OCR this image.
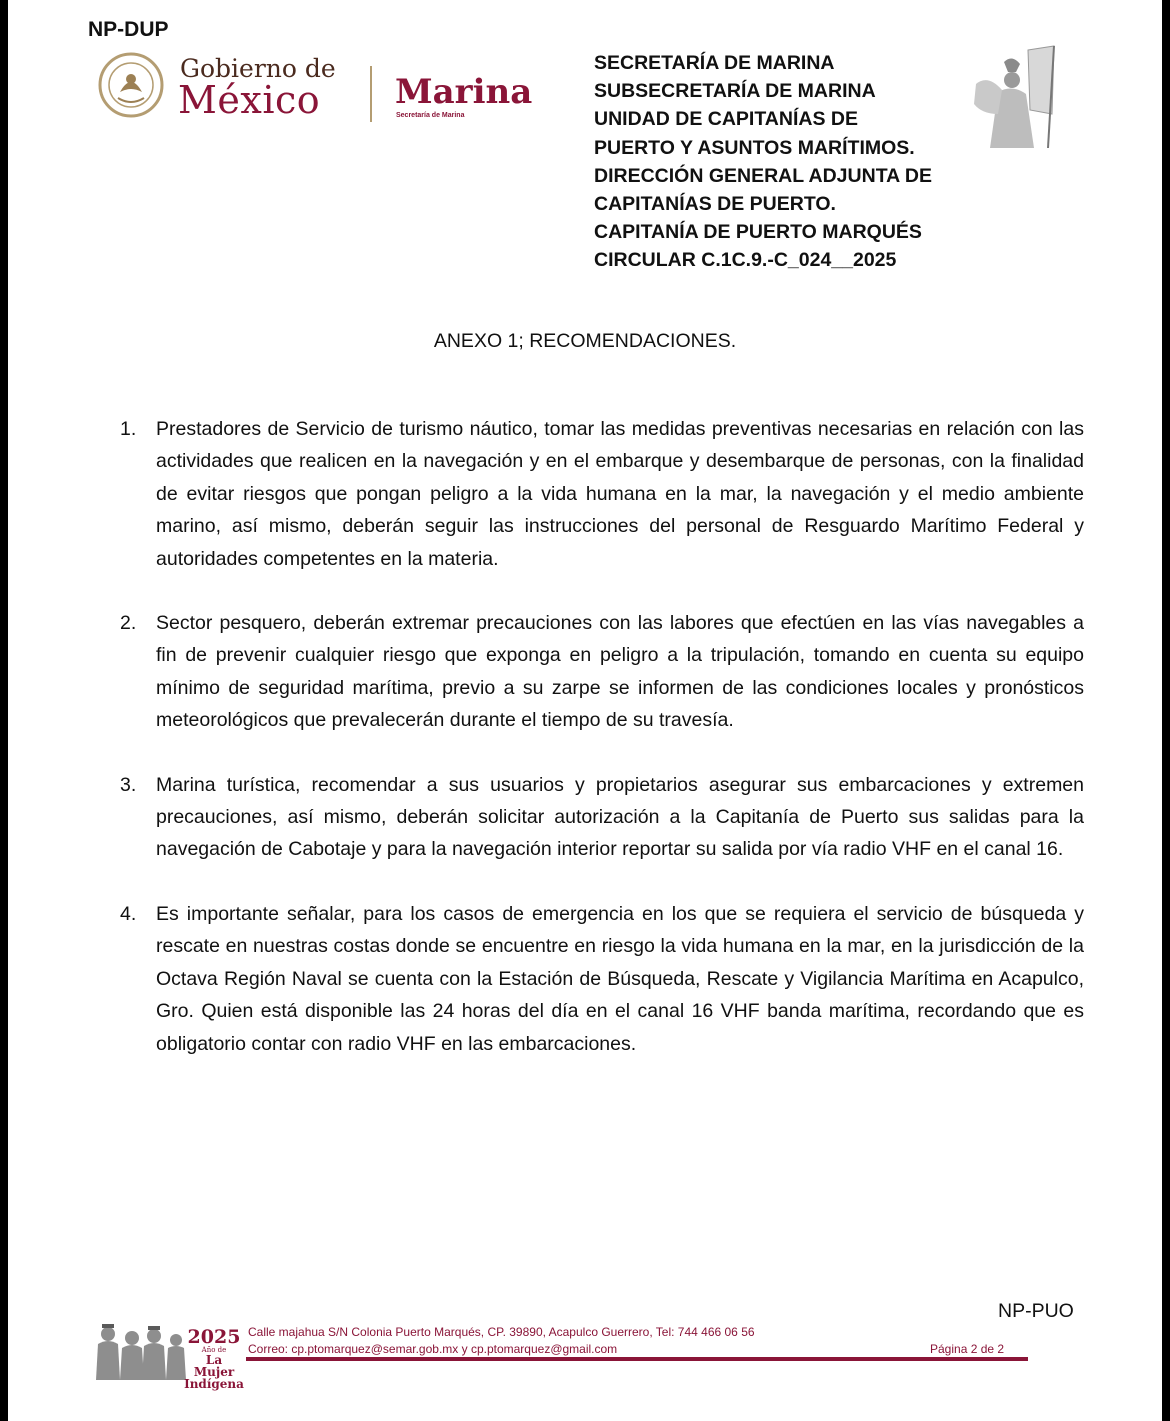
NP-DUP
Gobierno de
México Marina
Secretaría de Marina
SECRETARÍA DE MARINA
SUBSECRETARÍA DE MARINA
UNIDAD DE CAPITANÍAS DE
PUERTO Y ASUNTOS MARÍTIMOS.
DIRECCIÓN GENERAL ADJUNTA DE
CAPITANÍAS DE PUERTO.
CAPITANÍA DE PUERTO MARQUÉS
CIRCULAR C.1C.9.-C_024__2025
ANEXO 1; RECOMENDACIONES.
1. Prestadores de Servicio de turismo náutico, tomar las medidas preventivas necesarias en relación con las actividades que realicen en la navegación y en el embarque y desembarque de personas, con la finalidad de evitar riesgos que pongan peligro a la vida humana en la mar, la navegación y el medio ambiente marino, así mismo, deberán seguir las instrucciones del personal de Resguardo Marítimo Federal y autoridades competentes en la materia.
2. Sector pesquero, deberán extremar precauciones con las labores que efectúen en las vías navegables a fin de prevenir cualquier riesgo que exponga en peligro a la tripulación, tomando en cuenta su equipo mínimo de seguridad marítima, previo a su zarpe se informen de las condiciones locales y pronósticos meteorológicos que prevalecerán durante el tiempo de su travesía.
3. Marina turística, recomendar a sus usuarios y propietarios asegurar sus embarcaciones y extremen precauciones, así mismo, deberán solicitar autorización a la Capitanía de Puerto sus salidas para la navegación de Cabotaje y para la navegación interior reportar su salida por vía radio VHF en el canal 16.
4. Es importante señalar, para los casos de emergencia en los que se requiera el servicio de búsqueda y rescate en nuestras costas donde se encuentre en riesgo la vida humana en la mar, en la jurisdicción de la Octava Región Naval se cuenta con la Estación de Búsqueda, Rescate y Vigilancia Marítima en Acapulco, Gro. Quien está disponible las 24 horas del día en el canal 16 VHF banda marítima, recordando que es obligatorio contar con radio VHF en las embarcaciones.
NP-PUO
2025
Año de
La Mujer
Indígena
Calle majahua S/N Colonia Puerto Marqués, CP. 39890, Acapulco Guerrero, Tel: 744 466 06 56
Correo: cp.ptomarquez@semar.gob.mx y cp.ptomarquez@gmail.com	Página 2 de 2
